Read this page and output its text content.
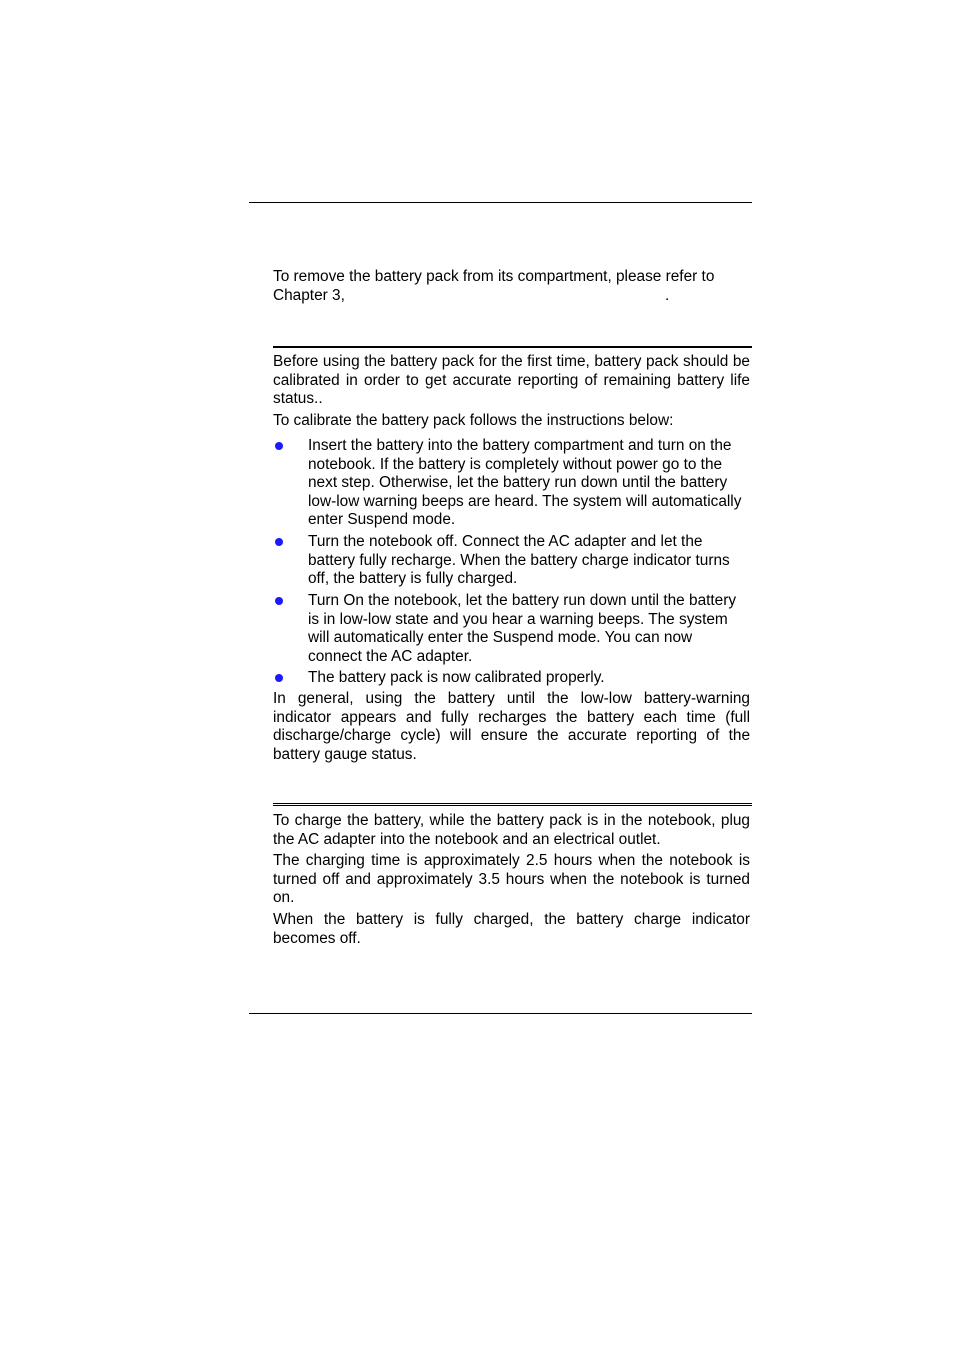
To remove the battery pack from its compartment, please refer to

Chapter 3,	.

Before using the battery pack for the first time, battery pack should be calibrated in order to get accurate reporting of remaining battery life status..

To calibrate the battery pack follows the instructions below:

Insert the battery into the battery compartment and turn on the notebook. If the battery is completely without power go to the next step. Otherwise, let the battery run down until the battery low-low warning beeps are heard. The system will automatically enter Suspend mode.

Turn the notebook off. Connect the AC adapter and let the battery fully recharge. When the battery charge indicator turns off, the battery is fully charged.

Turn On the notebook, let the battery run down until the battery is in low-low state and you hear a warning beeps. The system will automatically enter the Suspend mode. You can now connect the AC adapter.

The battery pack is now calibrated properly.

In general, using the battery until the low-low battery-warning indicator appears and fully recharges the battery each time (full discharge/charge cycle) will ensure the accurate reporting of the battery gauge status.

To charge the battery, while the battery pack is in the notebook, plug the AC adapter into the notebook and an electrical outlet.

The charging time is approximately 2.5 hours when the notebook is turned off and approximately 3.5 hours when the notebook is turned on.

When the battery is fully charged, the battery charge indicator becomes off.
